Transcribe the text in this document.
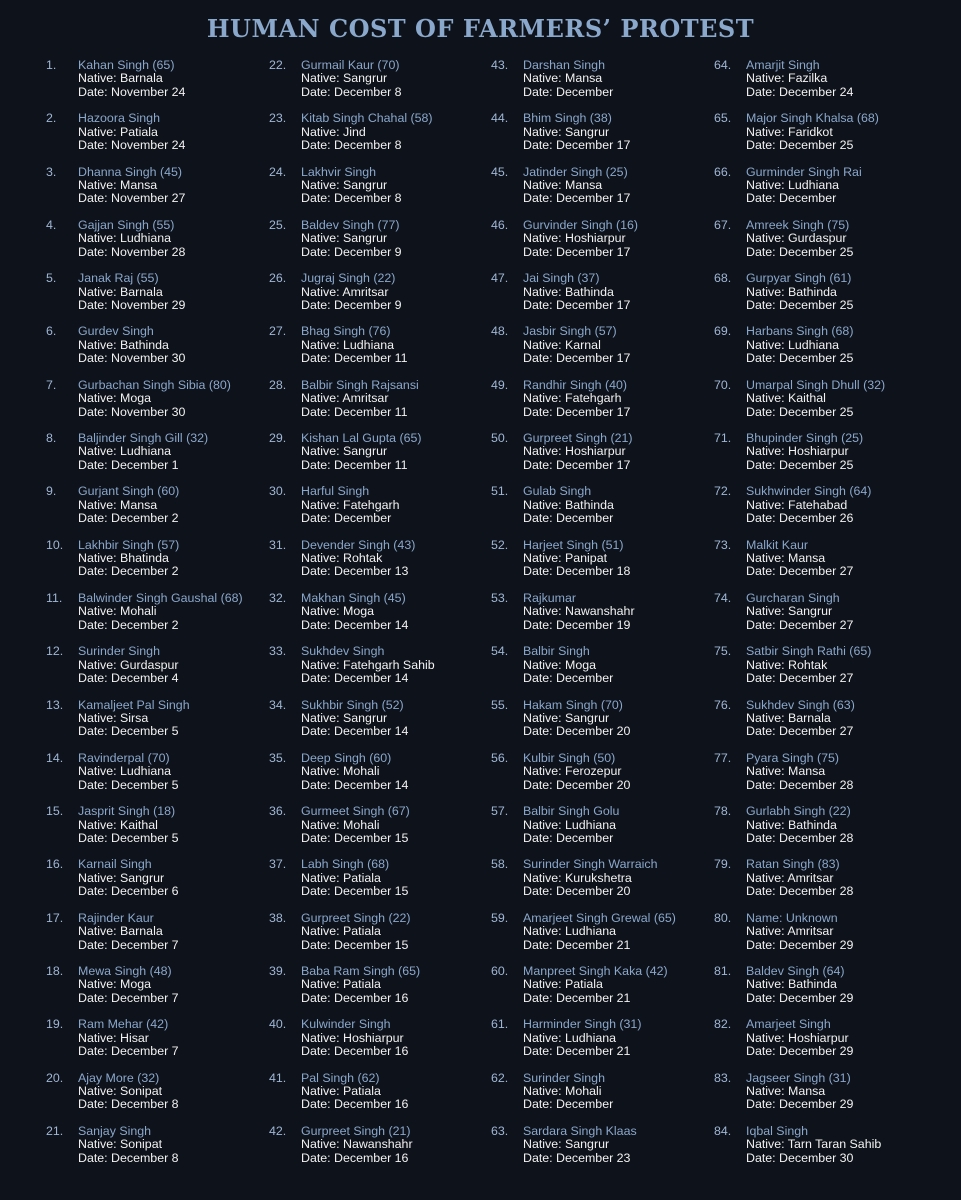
HUMAN COST OF FARMERS’ PROTEST
1. Kahan Singh (65)
Native: Barnala
Date: November 24
2. Hazoora Singh
Native: Patiala
Date: November 24
3. Dhanna Singh (45)
Native: Mansa
Date: November 27
4. Gajjan Singh (55)
Native: Ludhiana
Date: November 28
5. Janak Raj (55)
Native: Barnala
Date: November 29
6. Gurdev Singh
Native: Bathinda
Date: November 30
7. Gurbachan Singh Sibia (80)
Native: Moga
Date: November 30
8. Baljinder Singh Gill (32)
Native: Ludhiana
Date: December 1
9. Gurjant Singh (60)
Native: Mansa
Date: December 2
10. Lakhbir Singh (57)
Native: Bhatinda
Date: December 2
11. Balwinder Singh Gaushal (68)
Native: Mohali
Date: December 2
12. Surinder Singh
Native: Gurdaspur
Date: December 4
13. Kamaljeet Pal Singh
Native: Sirsa
Date: December 5
14. Ravinderpal (70)
Native: Ludhiana
Date: December 5
15. Jasprit Singh (18)
Native: Kaithal
Date: December 5
16. Karnail Singh
Native: Sangrur
Date: December 6
17. Rajinder Kaur
Native: Barnala
Date: December 7
18. Mewa Singh (48)
Native: Moga
Date: December 7
19. Ram Mehar (42)
Native: Hisar
Date: December 7
20. Ajay More (32)
Native: Sonipat
Date: December 8
21. Sanjay Singh
Native: Sonipat
Date: December 8
22. Gurmail Kaur (70)
Native: Sangrur
Date: December 8
23. Kitab Singh Chahal (58)
Native: Jind
Date: December 8
24. Lakhvir Singh
Native: Sangrur
Date: December 8
25. Baldev Singh (77)
Native: Sangrur
Date: December 9
26. Jugraj Singh (22)
Native: Amritsar
Date: December 9
27. Bhag Singh (76)
Native: Ludhiana
Date: December 11
28. Balbir Singh Rajsansi
Native: Amritsar
Date: December 11
29. Kishan Lal Gupta (65)
Native: Sangrur
Date: December 11
30. Harful Singh
Native: Fatehgarh
Date: December
31. Devender Singh (43)
Native: Rohtak
Date: December 13
32. Makhan Singh (45)
Native: Moga
Date: December 14
33. Sukhdev Singh
Native: Fatehgarh Sahib
Date: December 14
34. Sukhbir Singh (52)
Native: Sangrur
Date: December 14
35. Deep Singh (60)
Native: Mohali
Date: December 14
36. Gurmeet Singh (67)
Native: Mohali
Date: December 15
37. Labh Singh (68)
Native: Patiala
Date: December 15
38. Gurpreet Singh (22)
Native: Patiala
Date: December 15
39. Baba Ram Singh (65)
Native: Patiala
Date: December 16
40. Kulwinder Singh
Native: Hoshiarpur
Date: December 16
41. Pal Singh (62)
Native: Patiala
Date: December 16
42. Gurpreet Singh (21)
Native: Nawanshahr
Date: December 16
43. Darshan Singh
Native: Mansa
Date: December
44. Bhim Singh (38)
Native: Sangrur
Date: December 17
45. Jatinder Singh (25)
Native: Mansa
Date: December 17
46. Gurvinder Singh (16)
Native: Hoshiarpur
Date: December 17
47. Jai Singh (37)
Native: Bathinda
Date: December 17
48. Jasbir Singh (57)
Native: Karnal
Date: December 17
49. Randhir Singh (40)
Native: Fatehgarh
Date: December 17
50. Gurpreet Singh (21)
Native: Hoshiarpur
Date: December 17
51. Gulab Singh
Native: Bathinda
Date: December
52. Harjeet Singh (51)
Native: Panipat
Date: December 18
53. Rajkumar
Native: Nawanshahr
Date: December 19
54. Balbir Singh
Native: Moga
Date: December
55. Hakam Singh (70)
Native: Sangrur
Date: December 20
56. Kulbir Singh (50)
Native: Ferozepur
Date: December 20
57. Balbir Singh Golu
Native: Ludhiana
Date: December
58. Surinder Singh Warraich
Native: Kurukshetra
Date: December 20
59. Amarjeet Singh Grewal (65)
Native: Ludhiana
Date: December 21
60. Manpreet Singh Kaka (42)
Native: Patiala
Date: December 21
61. Harminder Singh (31)
Native: Ludhiana
Date: December 21
62. Surinder Singh
Native: Mohali
Date: December
63. Sardara Singh Klaas
Native: Sangrur
Date: December 23
64. Amarjit Singh
Native: Fazilka
Date: December 24
65. Major Singh Khalsa (68)
Native: Faridkot
Date: December 25
66. Gurminder Singh Rai
Native: Ludhiana
Date: December
67. Amreek Singh (75)
Native: Gurdaspur
Date: December 25
68. Gurpyar Singh (61)
Native: Bathinda
Date: December 25
69. Harbans Singh (68)
Native: Ludhiana
Date: December 25
70. Umarpal Singh Dhull (32)
Native: Kaithal
Date: December 25
71. Bhupinder Singh (25)
Native: Hoshiarpur
Date: December 25
72. Sukhwinder Singh (64)
Native: Fatehabad
Date: December 26
73. Malkit Kaur
Native: Mansa
Date: December 27
74. Gurcharan Singh
Native: Sangrur
Date: December 27
75. Satbir Singh Rathi (65)
Native: Rohtak
Date: December 27
76. Sukhdev Singh (63)
Native: Barnala
Date: December 27
77. Pyara Singh (75)
Native: Mansa
Date: December 28
78. Gurlabh Singh (22)
Native: Bathinda
Date: December 28
79. Ratan Singh (83)
Native: Amritsar
Date: December 28
80. Name: Unknown
Native: Amritsar
Date: December 29
81. Baldev Singh (64)
Native: Bathinda
Date: December 29
82. Amarjeet Singh
Native: Hoshiarpur
Date: December 29
83. Jagseer Singh (31)
Native: Mansa
Date: December 29
84. Iqbal Singh
Native: Tarn Taran Sahib
Date: December 30
